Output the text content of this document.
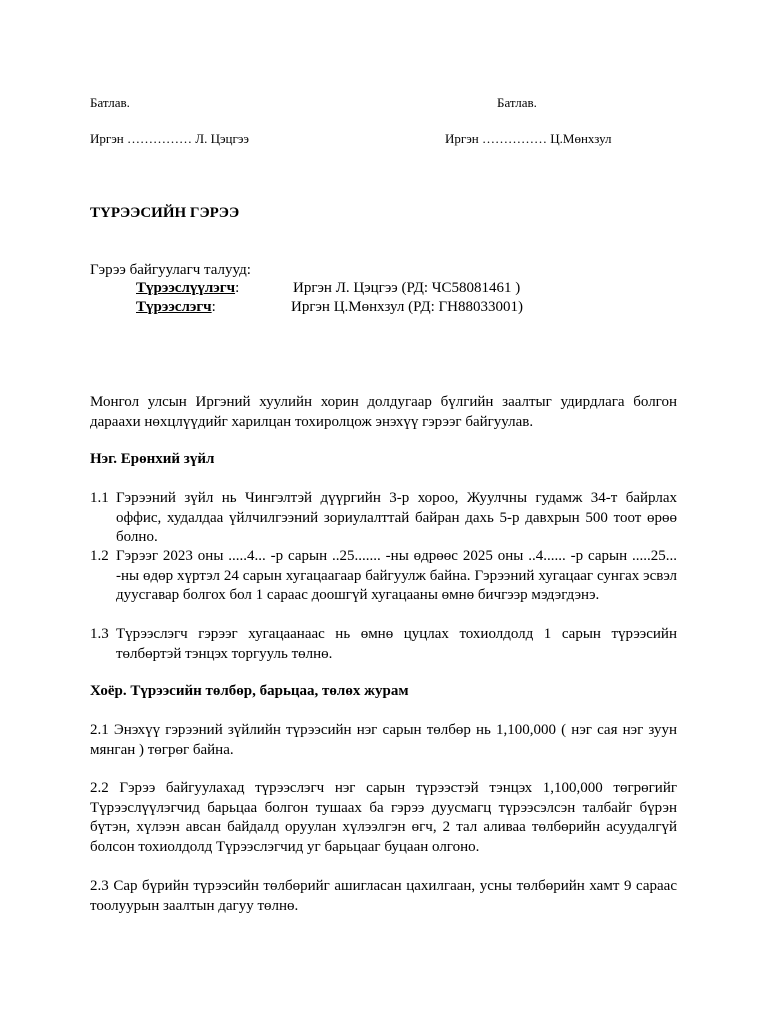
Батлав.	Батлав.
Иргэн …………… Л. Цэцгээ	Иргэн …………… Ц.Мөнхзул
ТҮРЭЭСИЙН ГЭРЭЭ
Гэрээ байгуулагч талууд:
Түрээслүүлэгч:	Иргэн Л. Цэцгээ (РД: ЧС58081461 )
Түрээслэгч:	Иргэн Ц.Мөнхзул (РД: ГН88033001)
Монгол улсын Иргэний хуулийн хорин долдугаар бүлгийн заалтыг удирдлага болгон дараахи нөхцлүүдийг харилцан тохиролцож энэхүү гэрээг байгуулав.
Нэг. Ерөнхий зүйл
1.1 Гэрээний зүйл нь Чингэлтэй дүүргийн 3-р хороо, Жуулчны гудамж 34-т байрлах оффис, худалдаа үйлчилгээний зориулалттай байран дахь 5-р давхрын 500 тоот өрөө болно.
1.2 Гэрээг 2023 оны .....4... -р сарын ..25....... -ны өдрөөс 2025 оны ..4...... -р сарын .....25... -ны өдөр хүртэл 24 сарын хугацаагаар байгуулж байна. Гэрээний хугацааг сунгах эсвэл дуусгавар болгох бол 1 сараас доошгүй хугацааны өмнө бичгээр мэдэгдэнэ.
1.3 Түрээслэгч гэрээг хугацаанаас нь өмнө цуцлах тохиолдолд 1 сарын түрээсийн төлбөртэй тэнцэх торгууль төлнө.
Хоёр. Түрээсийн төлбөр, барьцаа, төлөх журам
2.1 Энэхүү гэрээний зүйлийн түрээсийн нэг сарын төлбөр нь 1,100,000 ( нэг сая нэг зуун мянган ) төгрөг байна.
2.2 Гэрээ байгуулахад түрээслэгч нэг сарын түрээстэй тэнцэх 1,100,000 төгрөгийг Түрээслүүлэгчид барьцаа болгон тушаах ба гэрээ дуусмагц түрээсэлсэн талбайг бүрэн бүтэн, хүлээн авсан байдалд оруулан хүлээлгэн өгч, 2 тал аливаа төлбөрийн асуудалгүй болсон тохиолдолд Түрээслэгчид уг барьцааг буцаан олгоно.
2.3 Сар бүрийн түрээсийн төлбөрийг ашигласан цахилгаан, усны төлбөрийн хамт 9 сараас тоолуурын заалтын дагуу төлнө.
